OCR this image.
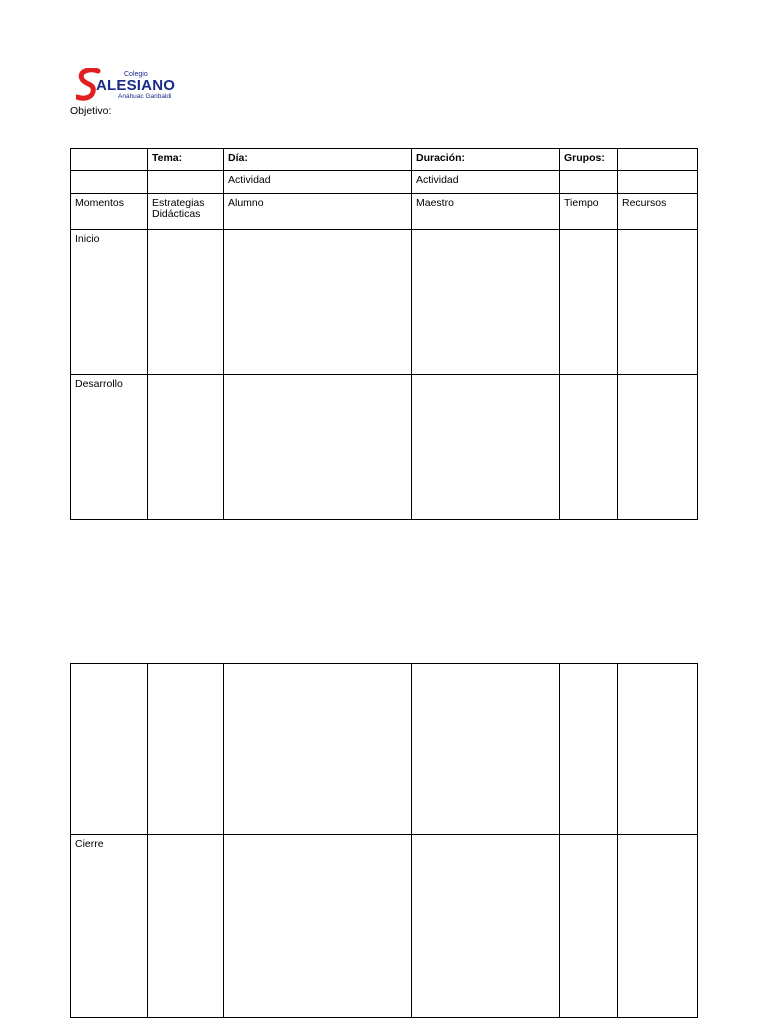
Colegio
ALESIANO
Anáhuac Garibaldi
Objetivo:
	Tema:	Día:	Duración:	Grupos:	
		Actividad	Actividad		
Momentos	Estrategias Didácticas	Alumno	Maestro	Tiempo	Recursos
Inicio					
Desarrollo					

Cierre					
